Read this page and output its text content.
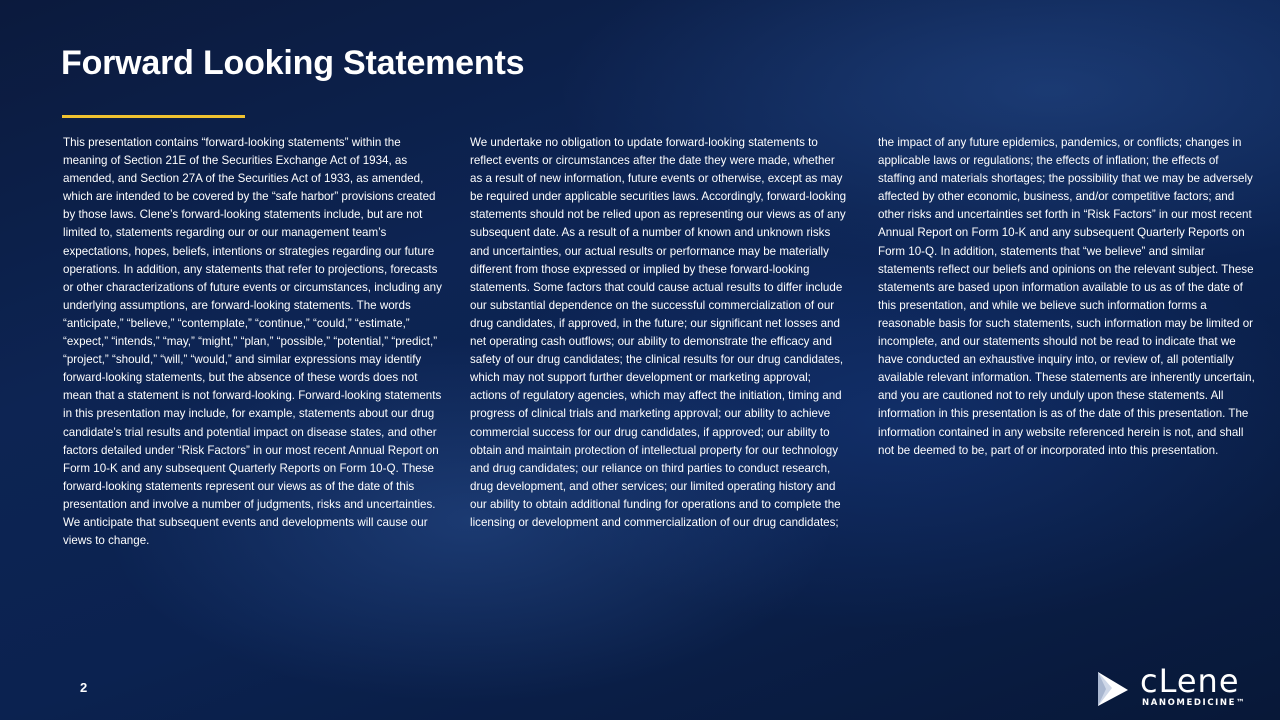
Forward Looking Statements

This presentation contains “forward-looking statements” within the meaning of Section 21E of the Securities Exchange Act of 1934, as amended, and Section 27A of the Securities Act of 1933, as amended, which are intended to be covered by the “safe harbor” provisions created by those laws. Clene’s forward-looking statements include, but are not limited to, statements regarding our or our management team’s expectations, hopes, beliefs, intentions or strategies regarding our future operations. In addition, any statements that refer to projections, forecasts or other characterizations of future events or circumstances, including any underlying assumptions, are forward-looking statements. The words “anticipate,” “believe,” “contemplate,” “continue,” “could,” “estimate,” “expect,” “intends,” “may,” “might,” “plan,” “possible,” “potential,” “predict,” “project,” “should,” “will,” “would,” and similar expressions may identify forward-looking statements, but the absence of these words does not mean that a statement is not forward-looking. Forward-looking statements in this presentation may include, for example, statements about our drug candidate’s trial results and potential impact on disease states, and other factors detailed under “Risk Factors” in our most recent Annual Report on Form 10-K and any subsequent Quarterly Reports on Form 10-Q. These forward-looking statements represent our views as of the date of this presentation and involve a number of judgments, risks and uncertainties. We anticipate that subsequent events and developments will cause our views to change.

We undertake no obligation to update forward-looking statements to reflect events or circumstances after the date they were made, whether as a result of new information, future events or otherwise, except as may be required under applicable securities laws. Accordingly, forward-looking statements should not be relied upon as representing our views as of any subsequent date. As a result of a number of known and unknown risks and uncertainties, our actual results or performance may be materially different from those expressed or implied by these forward-looking statements. Some factors that could cause actual results to differ include our substantial dependence on the successful commercialization of our drug candidates, if approved, in the future; our significant net losses and net operating cash outflows; our ability to demonstrate the efficacy and safety of our drug candidates; the clinical results for our drug candidates, which may not support further development or marketing approval; actions of regulatory agencies, which may affect the initiation, timing and progress of clinical trials and marketing approval; our ability to achieve commercial success for our drug candidates, if approved; our ability to obtain and maintain protection of intellectual property for our technology and drug candidates; our reliance on third parties to conduct research, drug development, and other services; our limited operating history and our ability to obtain additional funding for operations and to complete the licensing or development and commercialization of our drug candidates;

the impact of any future epidemics, pandemics, or conflicts; changes in applicable laws or regulations; the effects of inflation; the effects of staffing and materials shortages; the possibility that we may be adversely affected by other economic, business, and/or competitive factors; and other risks and uncertainties set forth in “Risk Factors” in our most recent Annual Report on Form 10-K and any subsequent Quarterly Reports on Form 10-Q. In addition, statements that “we believe” and similar statements reflect our beliefs and opinions on the relevant subject. These statements are based upon information available to us as of the date of this presentation, and while we believe such information forms a reasonable basis for such statements, such information may be limited or incomplete, and our statements should not be read to indicate that we have conducted an exhaustive inquiry into, or review of, all potentially available relevant information. These statements are inherently uncertain, and you are cautioned not to rely unduly upon these statements. All information in this presentation is as of the date of this presentation. The information contained in any website referenced herein is not, and shall not be deemed to be, part of or incorporated into this presentation.

2	cLene
NANOMEDICINE™
